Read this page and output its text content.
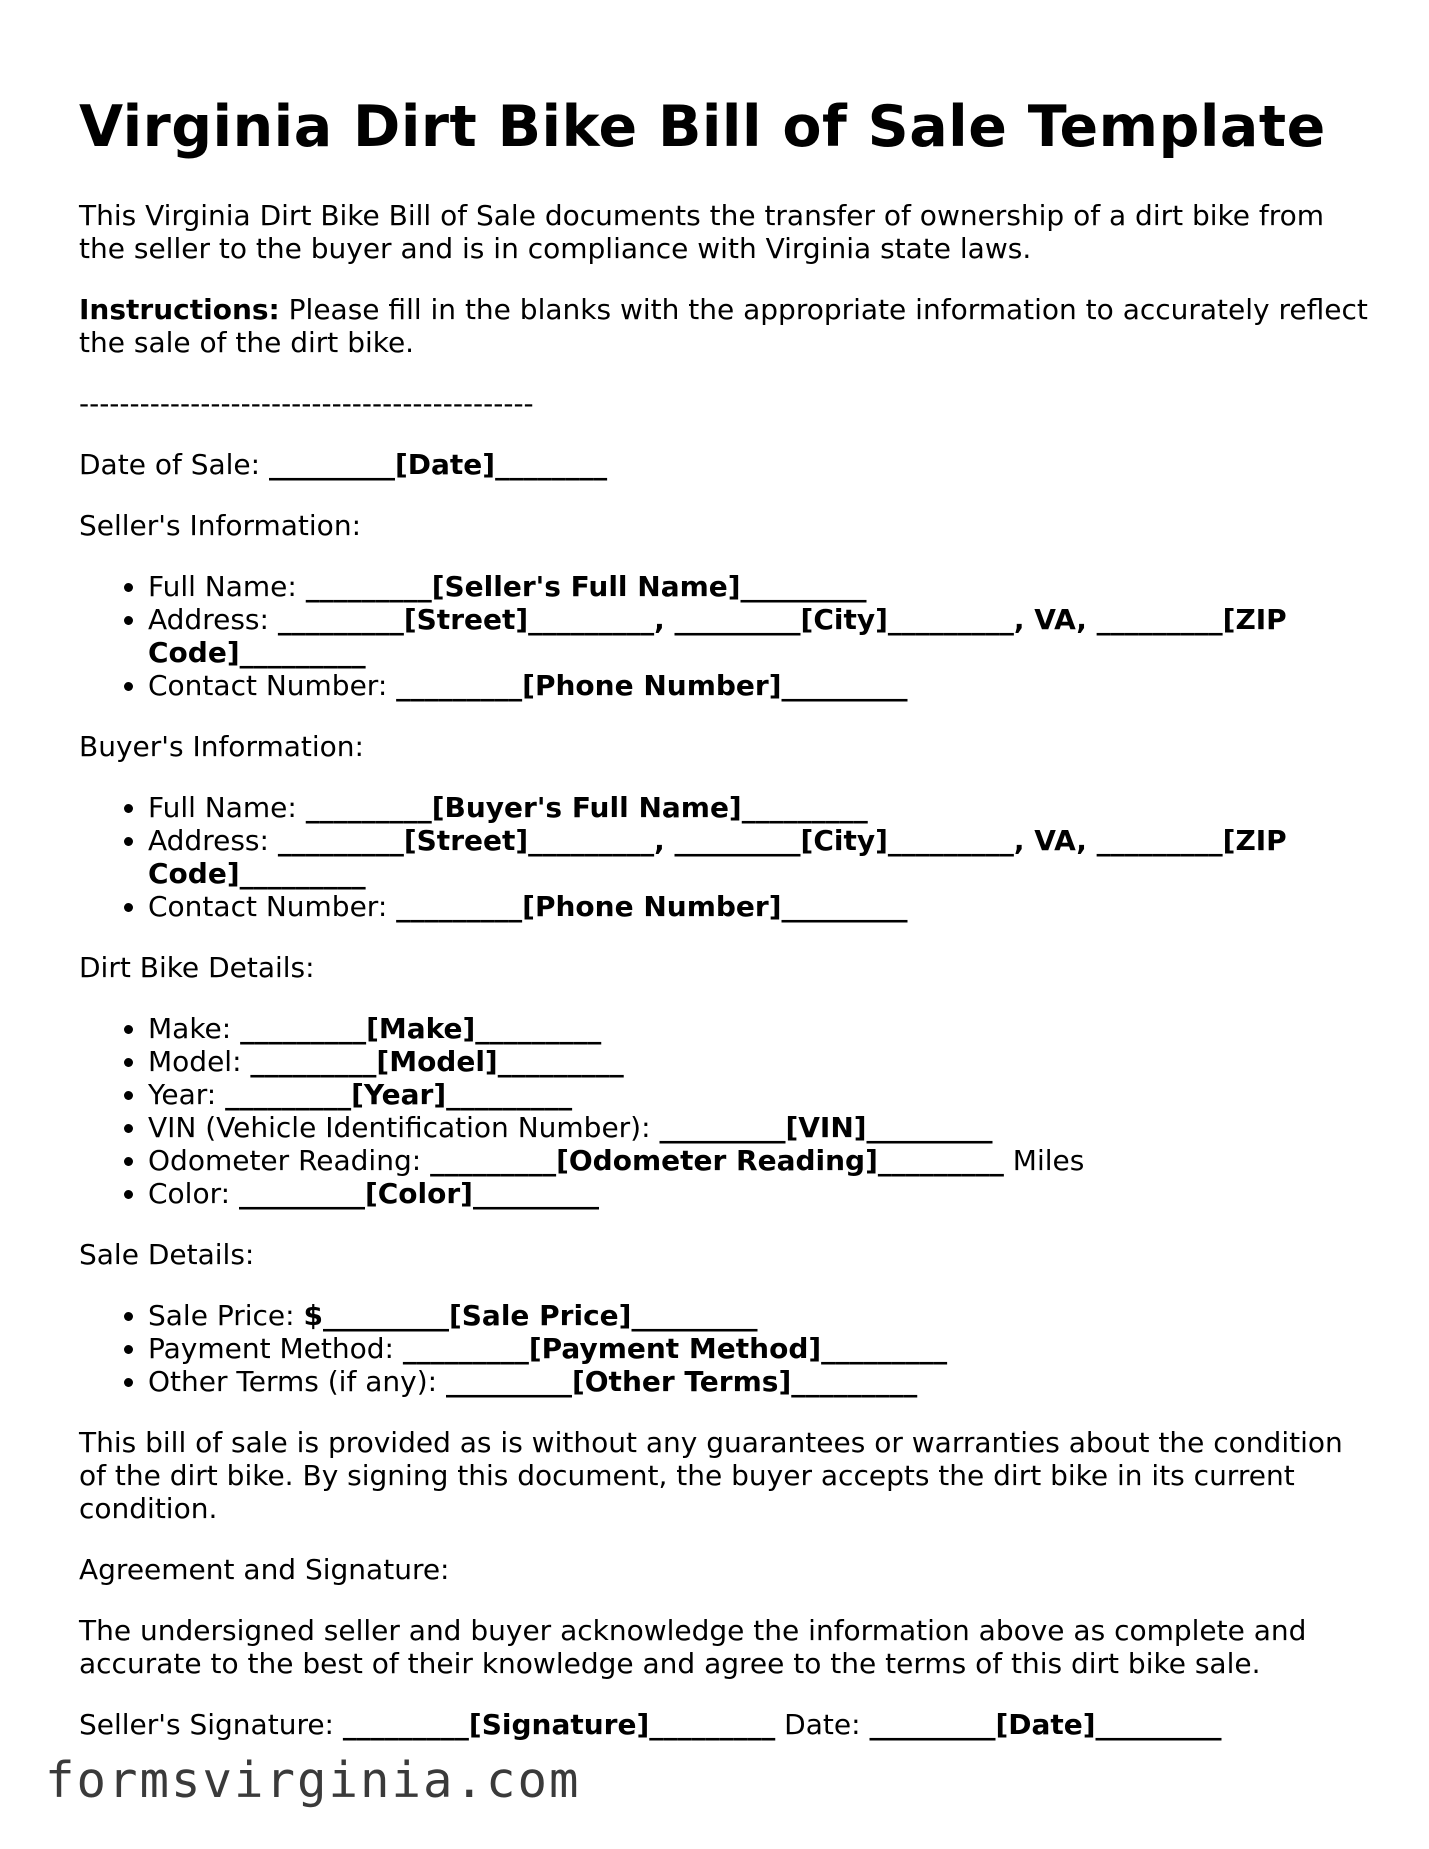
Virginia Dirt Bike Bill of Sale Template

This Virginia Dirt Bike Bill of Sale documents the transfer of ownership of a dirt bike from the seller to the buyer and is in compliance with Virginia state laws.

Instructions: Please fill in the blanks with the appropriate information to accurately reflect the sale of the dirt bike.

---------------------------------------------

Date of Sale: _________[Date]________

Seller's Information:

• Full Name: _________[Seller's Full Name]_________
• Address: _________[Street]_________, _________[City]_________, VA, _________[ZIP Code]_________
• Contact Number: _________[Phone Number]_________

Buyer's Information:

• Full Name: _________[Buyer's Full Name]_________
• Address: _________[Street]_________, _________[City]_________, VA, _________[ZIP Code]_________
• Contact Number: _________[Phone Number]_________

Dirt Bike Details:

• Make: _________[Make]_________
• Model: _________[Model]_________
• Year: _________[Year]_________
• VIN (Vehicle Identification Number): _________[VIN]_________
• Odometer Reading: _________[Odometer Reading]_________ Miles
• Color: _________[Color]_________

Sale Details:

• Sale Price: $_________[Sale Price]_________
• Payment Method: _________[Payment Method]_________
• Other Terms (if any): _________[Other Terms]_________

This bill of sale is provided as is without any guarantees or warranties about the condition of the dirt bike. By signing this document, the buyer accepts the dirt bike in its current condition.

Agreement and Signature:

The undersigned seller and buyer acknowledge the information above as complete and accurate to the best of their knowledge and agree to the terms of this dirt bike sale.

Seller's Signature: _________[Signature]_________ Date: _________[Date]_________

formsvirginia.com
